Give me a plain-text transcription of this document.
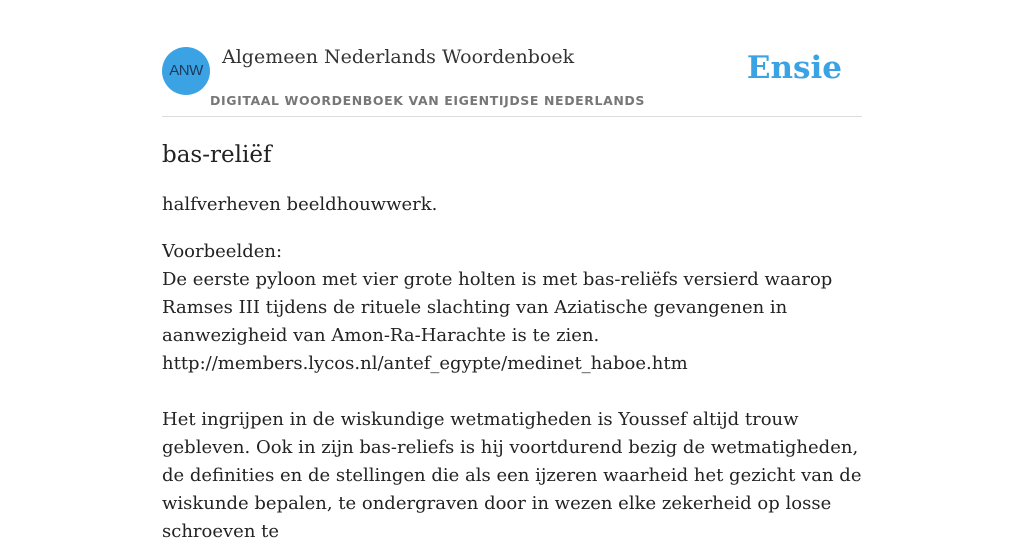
ANW
Algemeen Nederlands Woordenboek
DIGITAAL WOORDENBOEK VAN EIGENTIJDSE NEDERLANDS
Ensie
bas-reliëf
halfverheven beeldhouwwerk.

Voorbeelden:

De eerste pyloon met vier grote holten is met bas-reliëfs versierd waarop Ramses III tijdens de rituele slachting van Aziatische gevangenen in aanwezigheid van Amon-Ra-Harachte is te zien.

http://members.lycos.nl/antef_egypte/medinet_haboe.htm

Het ingrijpen in de wiskundige wetmatigheden is Youssef altijd trouw gebleven. Ook in zijn bas-reliefs is hij voortdurend bezig de wetmatigheden, de definities en de stellingen die als een ijzeren waarheid het gezicht van de wiskunde bepalen, te ondergraven door in wezen elke zekerheid op losse schroeven te
